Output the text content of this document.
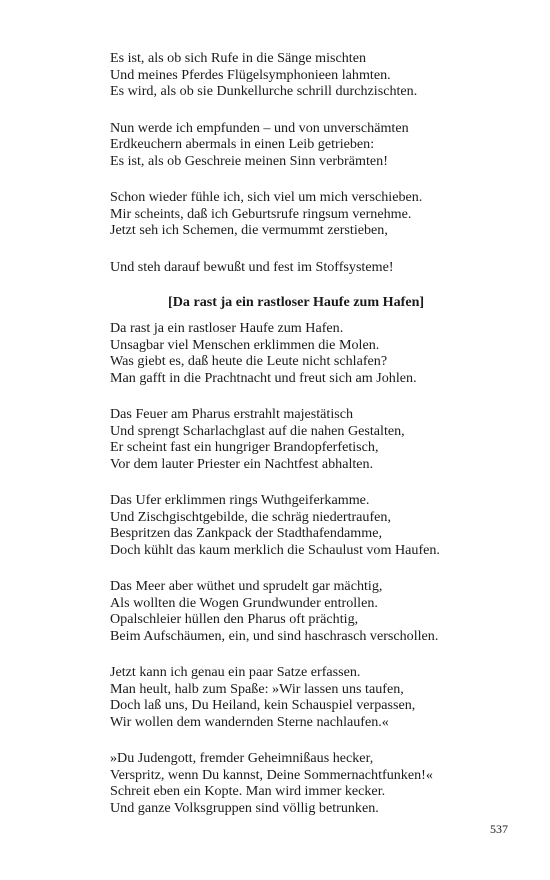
Es ist, als ob sich Rufe in die Sänge mischten
Und meines Pferdes Flügelsymphonieen lahmten.
Es wird, als ob sie Dunkellurche schrill durchzischten.
Nun werde ich empfunden – und von unverschämten
Erdkeuchern abermals in einen Leib getrieben:
Es ist, als ob Geschreie meinen Sinn verbrämten!
Schon wieder fühle ich, sich viel um mich verschieben.
Mir scheints, daß ich Geburtsrufe ringsum vernehme.
Jetzt seh ich Schemen, die vermummt zerstieben,
Und steh darauf bewußt und fest im Stoffsysteme!
[Da rast ja ein rastloser Haufe zum Hafen]
Da rast ja ein rastloser Haufe zum Hafen.
Unsagbar viel Menschen erklimmen die Molen.
Was giebt es, daß heute die Leute nicht schlafen?
Man gafft in die Prachtnacht und freut sich am Johlen.
Das Feuer am Pharus erstrahlt majestätisch
Und sprengt Scharlachglast auf die nahen Gestalten,
Er scheint fast ein hungriger Brandopferfetisch,
Vor dem lauter Priester ein Nachtfest abhalten.
Das Ufer erklimmen rings Wuthgeiferkamme.
Und Zischgischtgebilde, die schräg niedertraufen,
Bespritzen das Zankpack der Stadthafendamme,
Doch kühlt das kaum merklich die Schaulust vom Haufen.
Das Meer aber wüthet und sprudelt gar mächtig,
Als wollten die Wogen Grundwunder entrollen.
Opalschleier hüllen den Pharus oft prächtig,
Beim Aufschäumen, ein, und sind haschrasch verschollen.
Jetzt kann ich genau ein paar Satze erfassen.
Man heult, halb zum Spaße: »Wir lassen uns taufen,
Doch laß uns, Du Heiland, kein Schauspiel verpassen,
Wir wollen dem wandernden Sterne nachlaufen.«
»Du Judengott, fremder Geheimnißaus hecker,
Verspritz, wenn Du kannst, Deine Sommernachtfunken!«
Schreit eben ein Kopte. Man wird immer kecker.
Und ganze Volksgruppen sind völlig betrunken.
537
